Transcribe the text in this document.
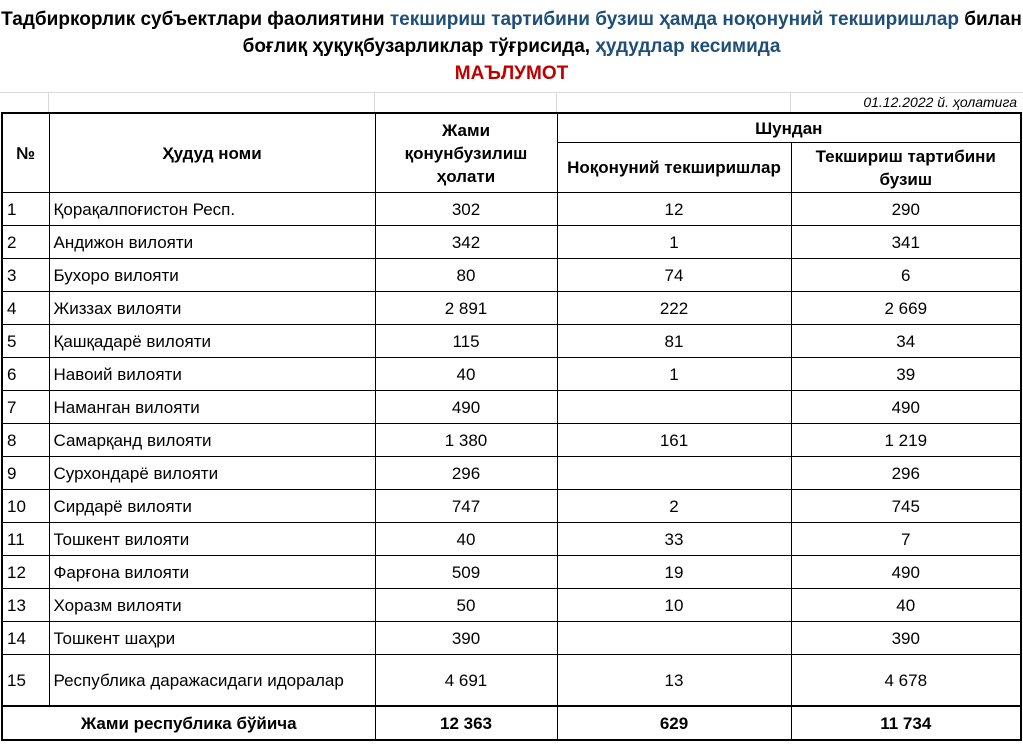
Тадбиркорлик субъектлари фаолиятини текшириш тартибини бузиш ҳамда ноқонуний текширишлар билан боғлиқ ҳуқуқбузарликлар тўғрисида, ҳудудлар кесимида
МАЪЛУМОТ
01.12.2022 й. ҳолатига
№	Ҳудуд номи	Жами қонунбузилиш ҳолати	Шундан	
			Ноқонуний текширишлар	Текшириш тартибини бузиш
1	Қорақалпоғистон Респ.	302	12	290
2	Андижон вилояти	342	1	341
3	Бухоро вилояти	80	74	6
4	Жиззах вилояти	2 891	222	2 669
5	Қашқадарё вилояти	115	81	34
6	Навоий вилояти	40	1	39
7	Наманган вилояти	490		490
8	Самарқанд вилояти	1 380	161	1 219
9	Сурхондарё вилояти	296		296
10	Сирдарё вилояти	747	2	745
11	Тошкент вилояти	40	33	7
12	Фарғона вилояти	509	19	490
13	Хоразм вилояти	50	10	40
14	Тошкент шаҳри	390		390
15	Республика даражасидаги идоралар	4 691	13	4 678
Жами республика бўйича		12 363	629	11 734
